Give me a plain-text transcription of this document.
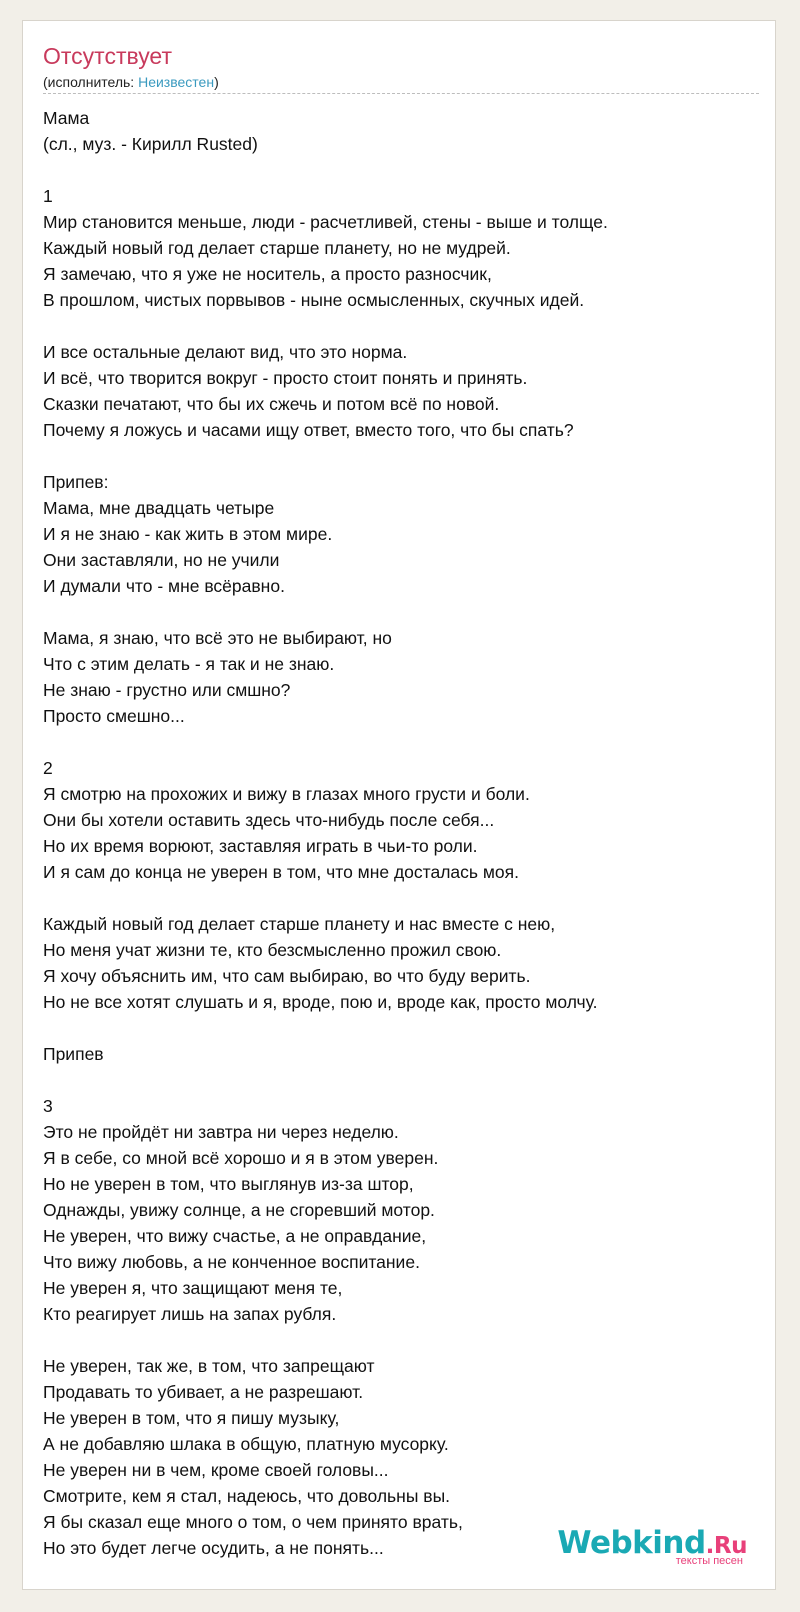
Отсутствует
(исполнитель: Неизвестен)
Мама
(сл., муз. - Кирилл Rusted)
1
Мир становится меньше, люди - расчетливей, стены - выше и толще.
Каждый новый год делает старше планету, но не мудрей.
Я замечаю, что я уже не носитель, а просто разносчик,
В прошлом, чистых порвывов - ныне осмысленных, скучных идей.
И все остальные делают вид, что это норма.
И всё, что творится вокруг - просто стоит понять и принять.
Сказки печатают, что бы их сжечь и потом всё по новой.
Почему я ложусь и часами ищу ответ, вместо того, что бы спать?
Припев:
Мама, мне двадцать четыре
И я не знаю - как жить в этом мире.
Они заставляли, но не учили
И думали что - мне всёравно.
Мама, я знаю, что всё это не выбирают, но
Что с этим делать - я так и не знаю.
Не знаю - грустно или смшно?
Просто смешно...
2
Я смотрю на прохожих и вижу в глазах много грусти и боли.
Они бы хотели оставить здесь что-нибудь после себя...
Но их время ворюют, заставляя играть в чьи-то роли.
И я сам до конца не уверен в том, что мне досталась моя.
Каждый новый год делает старше планету и нас вместе с нею,
Но меня учат жизни те, кто безсмысленно прожил свою.
Я хочу объяснить им, что сам выбираю, во что буду верить.
Но не все хотят слушать и я, вроде, пою и, вроде как, просто молчу.
Припев
3
Это не пройдёт ни завтра ни через неделю.
Я в себе, со мной всё хорошо и я в этом уверен.
Но не уверен в том, что выглянув из-за штор,
Однажды, увижу солнце, а не сгоревший мотор.
Не уверен, что вижу счастье, а не оправдание,
Что вижу любовь, а не конченное воспитание.
Не уверен я, что защищают меня те,
Кто реагирует лишь на запах рубля.
Не уверен, так же, в том, что запрещают
Продавать то убивает, а не разрешают.
Не уверен в том, что я пишу музыку,
А не добавляю шлака в общую, платную мусорку.
Не уверен ни в чем, кроме своей головы...
Смотрите, кем я стал, надеюсь, что довольны вы.
Я бы сказал еще много о том, о чем принято врать,
Но это будет легче осудить, а не понять...	Webkind.Ru
тексты песен
